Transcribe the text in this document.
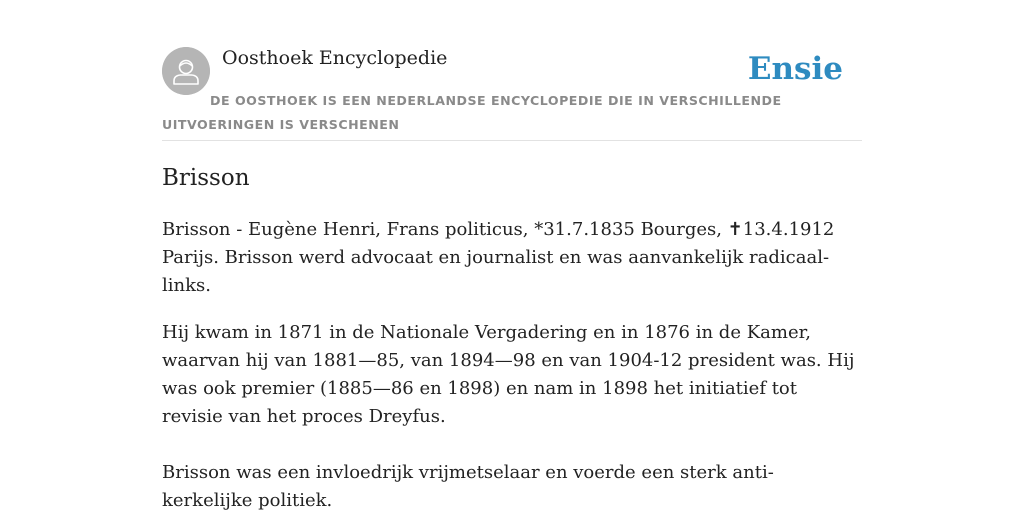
Oosthoek Encyclopedie	Ensie
DE OOSTHOEK IS EEN NEDERLANDSE ENCYCLOPEDIE DIE IN VERSCHILLENDE UITVOERINGEN IS VERSCHENEN
Brisson

Brisson - Eugène Henri, Frans politicus, *31.7.1835 Bourges, ✝13.4.1912 Parijs. Brisson werd advocaat en journalist en was aanvankelijk radicaal-links.

Hij kwam in 1871 in de Nationale Vergadering en in 1876 in de Kamer, waarvan hij van 1881—85, van 1894—98 en van 1904-12 president was. Hij was ook premier (1885—86 en 1898) en nam in 1898 het initiatief tot revisie van het proces Dreyfus.

Brisson was een invloedrijk vrijmetselaar en voerde een sterk anti-kerkelijke politiek.
